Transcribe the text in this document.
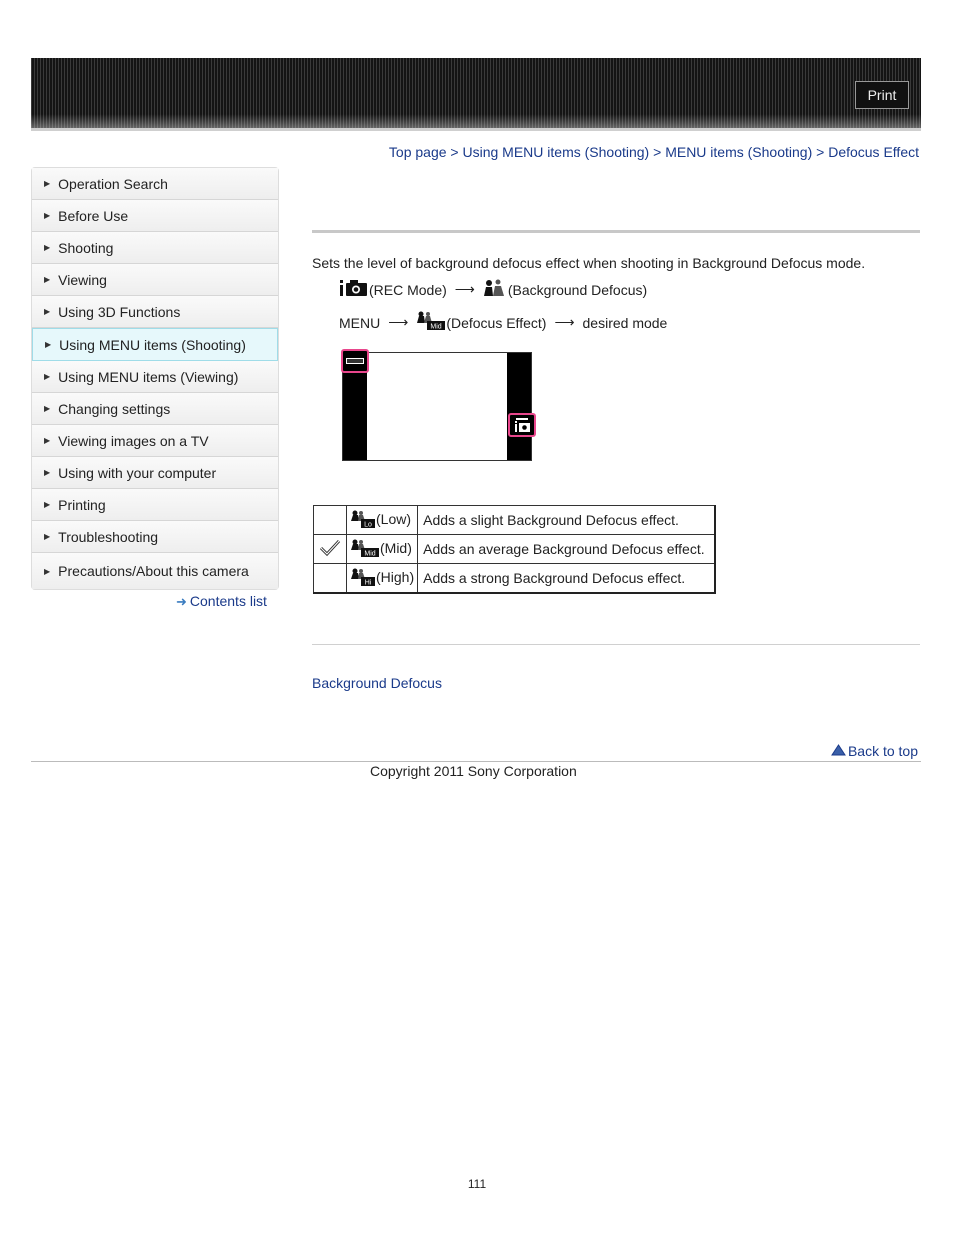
Print
Top page > Using MENU items (Shooting) > MENU items (Shooting) > Defocus Effect
▶ Operation Search
▶ Before Use
▶ Shooting
▶ Viewing
▶ Using 3D Functions
▶ Using MENU items (Shooting)
▶ Using MENU items (Viewing)
▶ Changing settings
▶ Viewing images on a TV
▶ Using with your computer
▶ Printing
▶ Troubleshooting
▶ Precautions/About this camera
➜ Contents list
Sets the level of background defocus effect when shooting in Background Defocus mode.
(REC Mode) ⟶ (Background Defocus)
MENU ⟶	Mid (Defocus Effect) ⟶ desired mode

Lo (Low)	Adds a slight Background Defocus effect.

Mid (Mid)	Adds an average Background Defocus effect.

Hi (High)	Adds a strong Background Defocus effect.
Background Defocus
Back to top
Copyright 2011 Sony Corporation
111
